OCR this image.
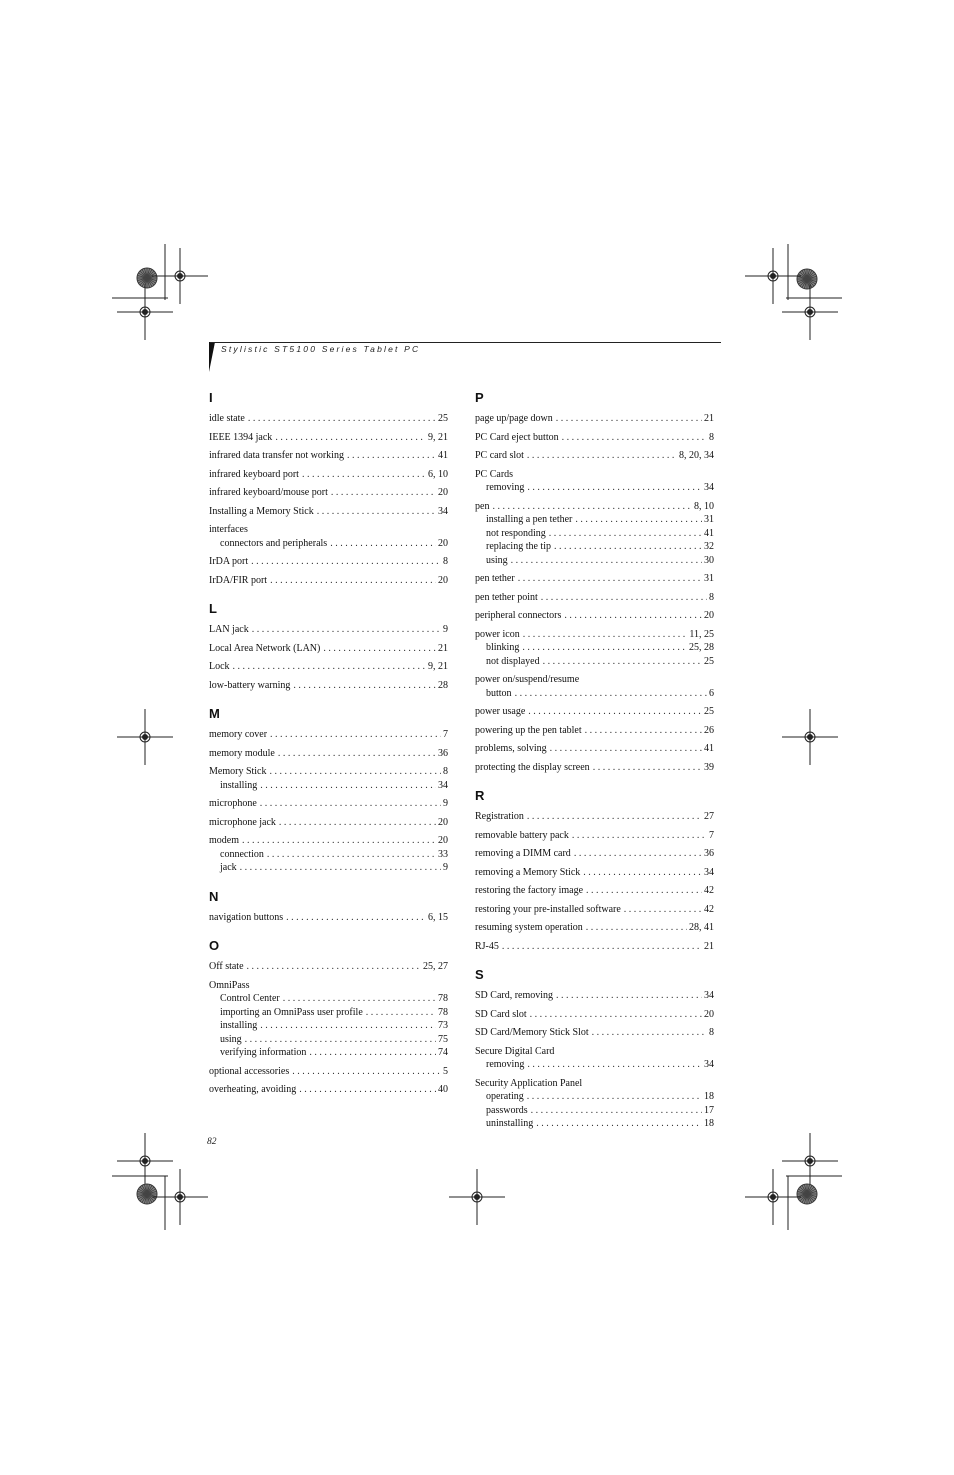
Stylistic ST5100 Series Tablet PC
I
idle state . . .	25
IEEE 1394 jack . . .	9, 21
infrared data transfer not working . . .	41
infrared keyboard port . . .	6, 10
infrared keyboard/mouse port . . .	20
Installing a Memory Stick . . .	34
interfaces
connectors and peripherals . . .	20
IrDA port . . .	8
IrDA/FIR port . . .	20
L
LAN jack . . .	9
Local Area Network (LAN) . . .	21
Lock . . .	9, 21
low-battery warning . . .	28
M
memory cover . . .	7
memory module . . .	36
Memory Stick . . .	8
installing . . .	34
microphone . . .	9
microphone jack . . .	20
modem . . .	20
connection . . .	33
jack . . .	9
N
navigation buttons . . .	6, 15
O
Off state . . .	25, 27
OmniPass
Control Center . . .	78
importing an OmniPass user profile . . .	78
installing . . .	73
using . . .	75
verifying information . . .	74
optional accessories . . .	5
overheating, avoiding . . .	40
P
page up/page down . . .	21
PC Card eject button . . .	8
PC card slot . . .	8, 20, 34
PC Cards
removing . . .	34
pen . . .	8, 10
installing a pen tether . . .	31
not responding . . .	41
replacing the tip . . .	32
using . . .	30
pen tether . . .	31
pen tether point . . .	8
peripheral connectors . . .	20
power icon . . .	11, 25
blinking . . .	25, 28
not displayed . . .	25
power on/suspend/resume
button . . .	6
power usage . . .	25
powering up the pen tablet . . .	26
problems, solving . . .	41
protecting the display screen . . .	39
R
Registration . . .	27
removable battery pack . . .	7
removing a DIMM card . . .	36
removing a Memory Stick . . .	34
restoring the factory image . . .	42
restoring your pre-installed software . . .	42
resuming system operation . . .	28, 41
RJ-45 . . .	21
S
SD Card, removing . . .	34
SD Card slot . . .	20
SD Card/Memory Stick Slot . . .	8
Secure Digital Card
removing . . .	34
Security Application Panel
operating . . .	18
passwords . . .	17
uninstalling . . .	18
82
